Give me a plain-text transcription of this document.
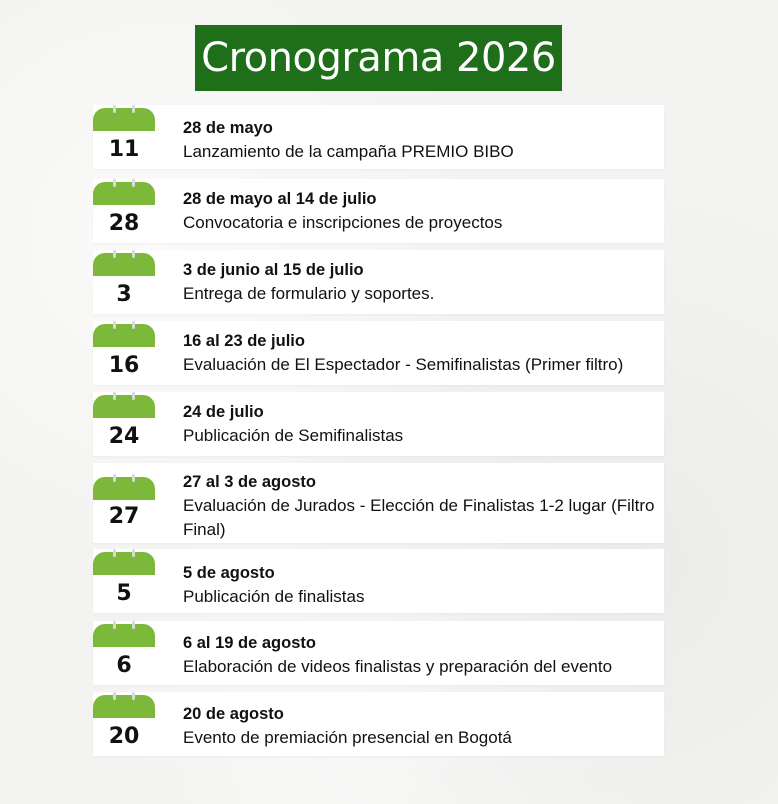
Cronograma 2026
11
28 de mayo
Lanzamiento de la campaña PREMIO BIBO
28
28 de mayo al 14 de julio
Convocatoria e inscripciones de proyectos
3
3 de junio al 15 de julio
Entrega de formulario y soportes.
16
16 al 23 de julio
Evaluación de El Espectador - Semifinalistas (Primer filtro)
24
24 de julio
Publicación de Semifinalistas
27
27 al 3 de agosto
Evaluación de Jurados - Elección de Finalistas 1-2 lugar (Filtro Final)
5
5 de agosto
Publicación de finalistas
6
6 al 19 de agosto
Elaboración de videos finalistas y preparación del evento
20
20 de agosto
Evento de premiación presencial en Bogotá
